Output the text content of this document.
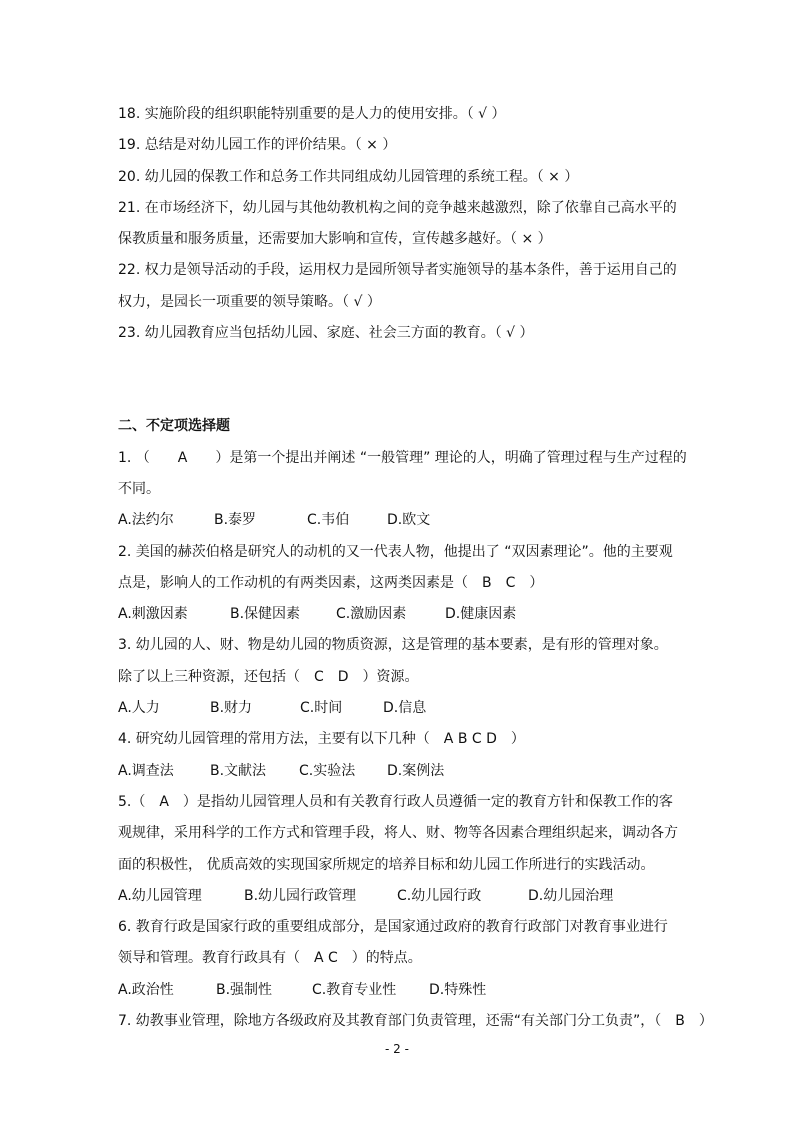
18. 实施阶段的组织职能特别重要的是人力的使用安排。（ √ ）
19. 总结是对幼儿园工作的评价结果。（ × ）
20. 幼儿园的保教工作和总务工作共同组成幼儿园管理的系统工程。（ × ）
21. 在市场经济下，幼儿园与其他幼教机构之间的竞争越来越激烈，除了依靠自己高水平的
保教质量和服务质量，还需要加大影响和宣传，宣传越多越好。（ × ）
22. 权力是领导活动的手段，运用权力是园所领导者实施领导的基本条件，善于运用自己的
权力，是园长一项重要的领导策略。（ √ ）
23. 幼儿园教育应当包括幼儿园、家庭、社会三方面的教育。（ √ ）
二、不定项选择题
1. （　　A　　）是第一个提出并阐述 “一般管理” 理论的人，明确了管理过程与生产过程的
不同。
A.法约尔	B.泰罗	C.韦伯	D.欧文
2. 美国的赫茨伯格是研究人的动机的又一代表人物，他提出了 “双因素理论”。他的主要观
点是，影响人的工作动机的有两类因素，这两类因素是（　B　C　）
A.刺激因素	B.保健因素	C.激励因素	D.健康因素
3. 幼儿园的人、财、物是幼儿园的物质资源，这是管理的基本要素，是有形的管理对象。
除了以上三种资源，还包括（　C　D　）资源。
A.人力	B.财力	C.时间	D.信息
4. 研究幼儿园管理的常用方法，主要有以下几种（　A B C D　）
A.调查法	B.文献法	C.实验法	D.案例法
5.（　A　）是指幼儿园管理人员和有关教育行政人员遵循一定的教育方针和保教工作的客
观规律，采用科学的工作方式和管理手段，将人、财、物等各因素合理组织起来，调动各方
面的积极性， 优质高效的实现国家所规定的培养目标和幼儿园工作所进行的实践活动。
A.幼儿园管理	B.幼儿园行政管理	C.幼儿园行政	D.幼儿园治理
6. 教育行政是国家行政的重要组成部分，是国家通过政府的教育行政部门对教育事业进行
领导和管理。教育行政具有（　A C　）的特点。
A.政治性	B.强制性	C.教育专业性	D.特殊性
7. 幼教事业管理，除地方各级政府及其教育部门负责管理，还需“有关部门分工负责”，（　B　）
- 2 -
